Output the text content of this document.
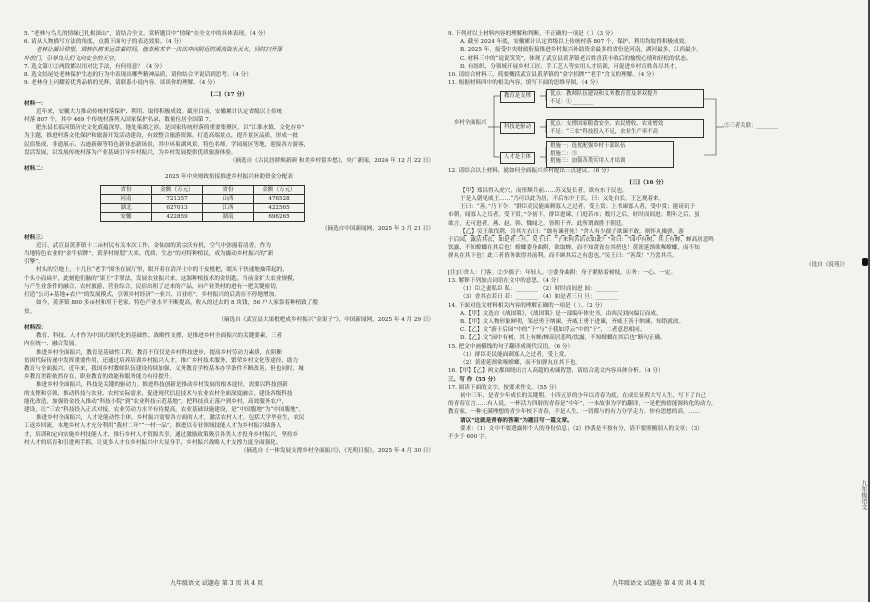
5. “老林与鸟儿的情缘已扎根深山”，请结合全文，赏析题目中“情缘”在全文中的具体表现。（4 分）
6. 请从人物描写方法的角度，点拨下面句子的表达效果。（4 分）
老林让凝目仰望，调转扒树来远尝着时间，他幸称术辛一次次冲向附近的溪流取水灭火，同时扫开落
叶的门，引导鸟儿们飞向安全的天空。
7. 选文第①②两段都以用对比手法，有何用意？（4 分）
8. 选文结尾处老林保护生态的行为中表现出哪些精神品质，请你结合平说话到思考。（4 分）
9. 老林身上闪耀着优秀品格的光辉，请联系小说内容，谈谈你的理解。（4 分）
[二]（17 分）
材料一：
近年来，安徽大力推动传统村落保护、利用、取得积极成效。截至目前，安徽累计认定省级以上传统
村落 807 个，其中 469 个传统村落列入国家保护名录，数量位居全国第 7。
肥东县长临河镇历史文化底蕴深厚。地处巢湖之滨，是国家传统村落的重要集聚区。以“江淮水镇、文化存乡”
为主题，推进村落文化保护和旅游开发活动建设，有效整合旅游资源。打造高端景点，提升景区品质，形成一批
民宿集成、非遗展示、古迹新颜等特色新业态新场景，其中环巢湖风景、特色名师、学园展区等地，迎接各方游客，
盘活发展，以发展传统村落为产业基础引导乡村振兴，为乡村发展提供优质旅游体验。
（摘选自《古民居群焕新颜 和美乡村留乡愁》，央广新闻，2024 年 12 月 22 日）
材料二：
2025 年中央财政衔接推进乡村振兴补助资金分配表
省份	金额（万元）	省份	金额（万元）
河南	721357	山西	476528
湖北	627013	江西	422565
安徽	422859	湖南	696265
（摘选自中国新闻网，2025 年 3 月 21 日）
材料三：
近日，武宣县黄茅镇十二亩村民有关本次工作，金仙加的黄宗沃有机，空气中弥漫着清香。作为
当地特色农业的”金牛招牌”，黄茅村规划“大米、优质、生态”的对特种植民，成为撬动乡村振兴的“新
引擎”。
村头的空地上，十几位“老手”围坐在展厅里，眼开着在清洋土中的干皮枇杷，眼头干快速地抽带起的，
个头小而扁平，此刻他们脑的“果王”手掌法，发展农业振兴来，这源种植技术的金钥匙。当前金扩大农业规模，
与产生业条件的融合，农村旅游，营业综合，民宿出租了过来的产品，向产业类村的进有一把关键密切，
打造“公司+基地+农户”的发展模式，引领乡村经济“一业兴、百业旺”，乡村振兴的后劲在不停地增加。
如今，黄茅镇 800 多亩村和用于老家，特色产业水平不断提高，收入的过去的 8 块钱，56 户人家靠着种植致了脱
贫。
（摘选自《武宣县大果枇杷成乡村振兴“金果子”》，中国新闻网，2025 年 4 月 29 日）
材料四：
教育、科技、人才作为中国式现代化的基础性、战略性支撑，是推进乡村全面振兴的关键要素，三者
内在统一、融合发展。
推进乡村全面振兴，教育是基础性工程。教育不仅仅是乡村科技进步，提高乡村劳动力素质，在阻断
贫困代际传递中发挥重要作用，还通过培养培训乡村振兴人才，推广乡村技术服务，繁荣乡村文化等途径，助力
教育与全面振兴。近年来，我国乡村教师队伍建设持续加强，义务教育学校基本办学条件不断改善，但也同时，城
乡教育差距依然存在，职业教育的效能和服务能力有待提升。
推进乡村全面振兴，科技是关键的驱动力。推进科技创新是推动乡村发展的根本途径，需要以科技创新
的支撑和引领，推动科技与农业、农村实际需求，促进现代信息技术与农业农村全面深度融合，建设各级科技
能化改造，加强资金投入推动“科技小院”到“农业科技示范基地”，把科技真正落户到乡村，高效服务农户，
建设，让“三农”科技投入正式对接，农业劳动力水平有待提高，农业基础设施建设，是“中国腹地”为“中国腹地”。
推进乡村全面振兴，人才是能动性主体。乡村振兴需要各方面的人才，激活农村人才，包括大学毕业生，农民
工返乡回流，本地乡村人才充分利用“我村二年”“一村一品”，推进以专业领域技能人才为乡村振兴储备人
才，培训和定向实施乡村技能人才，推行乡村人才资源共享，通过激励政策吸引各类人才投身乡村振兴，坚持乡
村人才的培育和引进两手抓，让更多人才在乡村振兴中大显身手，乡村振兴战略人才支撑力度全面强化。
（摘选自《一体发展支撑乡村全面振兴》，《光明日报》，2025 年 4 月 30 日）
九年级语文 试题卷 第 3 页 共 4 页
9. 下列对以上材料内容的理解和判断，不正确的一项是（ ）（3 分）
A. 截至 2024 年底，安徽累计认定省级以上传统村落 807 个，保护、利用均取得积极成效。
B. 2025 年，接受中央财政衔接推进乡村振兴补助资金最多的省份是河南，湖河最多，江西最少。
C. 材料三中的“说说笑笑”，体现了武宣县黄茅镇老百姓喜获丰收后的愉悦心情和轻松的状态。
D. 有组织、分领域开展乡村工匠、手工艺人等实用人才培训，可促进乡村百姓各尽其才。
10. 请结合材料三，简要概括武宣县黄茅镇的“金字招牌”“老手”含义的理解。（4 分）
11. 根据材料四中的相关内容，填写下面的思维导图。（4 分）
乡村全面振兴
教育是支撑	优点：教师队伍建设和义务教育普及率双提升
不足：①________
科技是驱动	优点：支撑国家粮食安全、农民增收、农业增效
不足：“三农”科技投入不足，农业生产率不高
②三者关联：________
人才是主体
措施一：选优配强乡村干部队伍
措施二：③________
措施三：加强各类实用人才培训
12. 请结合以上材料，就如何全面振兴乡村提出三点建议。（6 分）
[三]（16 分）
【甲】郑昌得入虎穴，而彤颓兵前……苏又复长者，欲有东于民也。
于是入朝见威王……“乃可以此为居，不后东中王长，曰：又处自长，王乞观着来。
王曰：“善。”乃下令：“群臣吏民能面刺寡人之过者，受上赏；上书谏寡人者，受中赏；能谤讥于
市朝，闻寡人之耳者，受下赏。”令初下，群臣进谏，门庭若市；数月之后，时时而间进；期年之后，虽
欲言，无可进者。燕、赵、韩、魏闻之，皆朝于齐。此所谓战胜于朝廷。
【乙】吴王欲伐荆，告其左右曰：“敢有谏者死！”舍人有少孺子欲谏不敢，则怀丸操弹，游
于后园，露沾其衣，如是者三旦。吴王曰：“子来何苦沾衣如此？”对曰：“园中有树，其上有蝉，蝉高居悲鸣
饮露，不知螳螂在其后也！螳螂委身曲附，欲取蝉，而不知黄雀在其傍也！黄雀延颈欲啄螳螂，而不知
弹丸在其下也！此三者皆务欲得其前利，而不顾其后之有患也。”吴王曰：“善哉！”乃罢其兵。
（选自《说苑》）
[注]①舍人：门客。②少孺子：年轻人。③委身曲附：身子紧贴着树枝。④务：一心、一定。
13. 解释下列加点词语在文中的意思。（4 分）
（1）臣之妻私臣 私：________ （2）时时而间进 间：________
（3）香其衣若曰 若：________ （4）如是者三旦 旦：________
14. 下面对选文材料相关内容的理解正确的一项是（ ）。（2 分）
A.【甲】文选自《战国策》，《战国策》是一部编年体史书，由西汉刘向编订而成。
B.【甲】文人物形象鲜明，邹忌勇于纳谏，齐威王勇于进谏，齐威王善于纳谏，知错就改。
C.【乙】文“游于后园”中的“于”与“于我如浮云”中的“于”，二者意思相同。
D.【乙】文“园中有树，其上有蝉/蝉高居悲鸣/饮露，不知螳螂在其后也”断句正确。
15. 把文中画横线的句子翻译成现代汉语。（6 分）
（1）群臣吏民能面刺寡人之过者，受上赏。
（2）黄雀延颈欲啄螳螂，而不知弹丸在其下也。
16.【甲】【乙】两文都围绕出言人高超的劝谏智慧，请结合选文内容具体分析。（4 分）
三、写 作（55 分）
17. 阅读下面的文字，按要求作文。（55 分）
初中三年，是青少年成长的关键期。十四五岁的少年以青春为底，在成长征程大写人生，写下了自己
的青春宣言……有人说，一杯活力四射的青春是“中年”，一本故事为学的翻译，一是把热情能源转化的动力，
教育家，一种无满理想的青少年校下青春，不是人生，一切都与的有力分学走力。你有思想的高。……
请以“这就是青春的答案”为题目写一篇文章。
要求：（1）文中不要透露你个人的身份信息；（2）抄袭是不按有分，请不要照搬别人的文章；（3）
不少于 600 字。
九年级语文 试题卷 第 4 页 共 4 页
九年级语文
